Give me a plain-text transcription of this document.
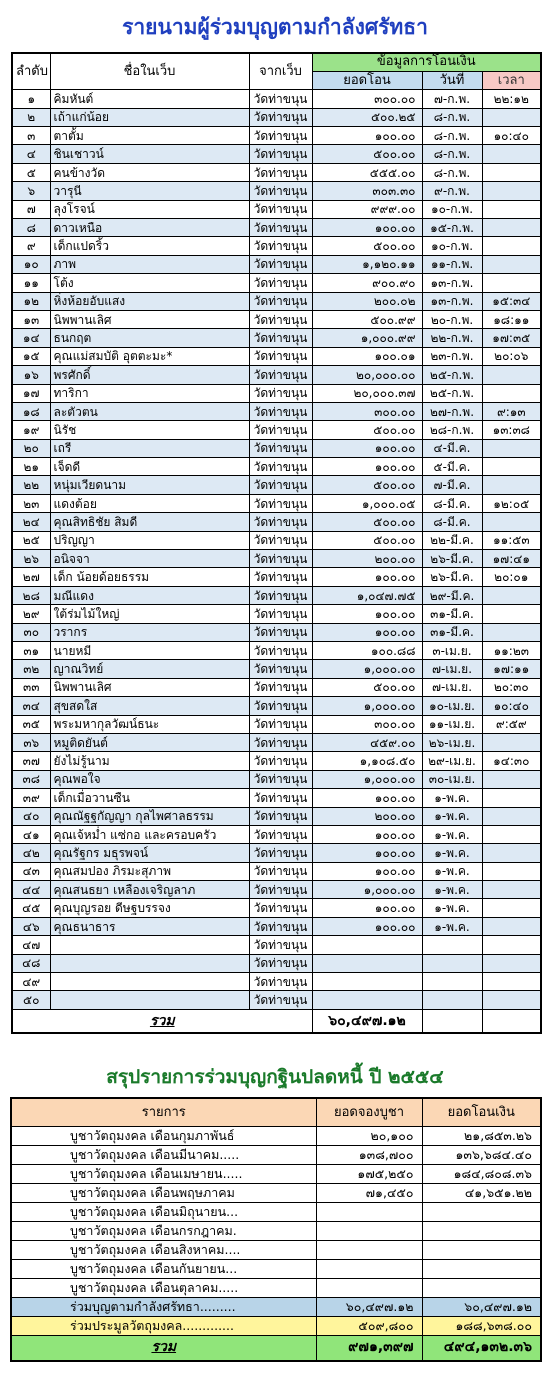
รายนามผู้ร่วมบุญตามกำลังศรัทธา
ลำดับ	ชื่อในเว็บ	จากเว็บ	ข้อมูลการโอนเงิน		
			ยอดโอน	วันที่	เวลา
๑	คิมหันต์	วัดท่าขนุน	๓๐๐.๐๐	๗-ก.พ.	๒๒:๑๒
๒	เถ้าแก่น้อย	วัดท่าขนุน	๕๐๐.๒๕	๘-ก.พ.	
๓	ตาตั้ม	วัดท่าขนุน	๑๐๐.๐๐	๘-ก.พ.	๑๐:๔๐
๔	ชินเชาวน์	วัดท่าขนุน	๕๐๐.๐๐	๘-ก.พ.	
๕	คนข้างวัด	วัดท่าขนุน	๕๕๕.๐๐	๘-ก.พ.	
๖	วารุนี	วัดท่าขนุน	๓๐๓.๓๐	๙-ก.พ.	
๗	ลุงโรจน์	วัดท่าขนุน	๙๙๙.๐๐	๑๐-ก.พ.	
๘	ดาวเหนือ	วัดท่าขนุน	๑๐๐.๐๐	๑๕-ก.พ.	
๙	เด็กแปดริ้ว	วัดท่าขนุน	๕๐๐.๐๐	๑๐-ก.พ.	
๑๐	ภาพ	วัดท่าขนุน	๑,๑๒๐.๑๑	๑๑-ก.พ.	
๑๑	โต้ง	วัดท่าขนุน	๙๐๐.๙๐	๑๓-ก.พ.	
๑๒	หิ่งห้อยอับแสง	วัดท่าขนุน	๒๐๐.๐๒	๑๓-ก.พ.	๑๕:๓๔
๑๓	นิพพานเลิศ	วัดท่าขนุน	๕๐๐.๙๙	๒๐-ก.พ.	๑๘:๑๑
๑๔	ธนกฤต	วัดท่าขนุน	๑,๐๐๐.๙๙	๒๒-ก.พ.	๑๗:๓๕
๑๕	คุณแม่สมบัติ อุตตะมะ*	วัดท่าขนุน	๑๐๐.๐๑	๒๓-ก.พ.	๒๐:๐๖
๑๖	พรศักดิ์	วัดท่าขนุน	๒๐,๐๐๐.๐๐	๒๕-ก.พ.	
๑๗	ทาริกา	วัดท่าขนุน	๒๐,๐๐๐.๓๗	๒๕-ก.พ.	
๑๘	ละตัวตน	วัดท่าขนุน	๓๐๐.๐๐	๒๗-ก.พ.	๙:๑๓
๑๙	นิรัช	วัดท่าขนุน	๕๐๐.๐๐	๒๘-ก.พ.	๑๓:๓๘
๒๐	เถรี	วัดท่าขนุน	๑๐๐.๐๐	๔-มี.ค.	
๒๑	เจ็ดดี	วัดท่าขนุน	๑๐๐.๐๐	๕-มี.ค.	
๒๒	หนุ่มเวียดนาม	วัดท่าขนุน	๕๐๐.๐๐	๗-มี.ค.	
๒๓	แดงต้อย	วัดท่าขนุน	๑,๐๐๐.๐๕	๘-มี.ค.	๑๒:๐๕
๒๔	คุณสิทธิชัย สิมดี	วัดท่าขนุน	๕๐๐.๐๐	๘-มี.ค.	
๒๕	ปริญญา	วัดท่าขนุน	๕๐๐.๐๐	๒๒-มี.ค.	๑๑:๕๓
๒๖	อนิจจา	วัดท่าขนุน	๒๐๐.๐๐	๒๖-มี.ค.	๑๗:๔๑
๒๗	เด็ก น้อยด้อยธรรม	วัดท่าขนุน	๑๐๐.๐๐	๒๖-มี.ค.	๒๐:๐๑
๒๘	มณีแดง	วัดท่าขนุน	๑,๐๔๗.๗๕	๒๙-มี.ค.	
๒๙	ใต้ร่มไม้ใหญ่	วัดท่าขนุน	๑๐๐.๐๐	๓๑-มี.ค.	
๓๐	วรากร	วัดท่าขนุน	๑๐๐.๐๐	๓๑-มี.ค.	
๓๑	นายหมี	วัดท่าขนุน	๑๐๐.๘๘	๓-เม.ย.	๑๑:๒๓
๓๒	ญาณวิทย์	วัดท่าขนุน	๑,๐๐๐.๐๐	๗-เม.ย.	๑๗:๑๑
๓๓	นิพพานเลิศ	วัดท่าขนุน	๕๐๐.๐๐	๗-เม.ย.	๒๐:๓๐
๓๔	สุขสดใส	วัดท่าขนุน	๑,๐๐๐.๐๐	๑๐-เม.ย.	๑๐:๔๐
๓๕	พระมหากุลวัฒน์ธนะ	วัดท่าขนุน	๓๐๐.๐๐	๑๑-เม.ย.	๙:๕๙
๓๖	หมูติดยันต์	วัดท่าขนุน	๔๕๙.๐๐	๒๖-เม.ย.	
๓๗	ยังไม่รู้นาม	วัดท่าขนุน	๑,๑๐๘.๕๐	๒๙-เม.ย.	๑๔:๓๐
๓๘	คุณพอใจ	วัดท่าขนุน	๑,๐๐๐.๐๐	๓๐-เม.ย.	
๓๙	เด็กเมื่อวานซืน	วัดท่าขนุน	๑๐๐.๐๐	๑-พ.ค.	
๔๐	คุณณัฐฐกัญญา กุลไพศาลธรรม	วัดท่าขนุน	๒๐๐.๐๐	๑-พ.ค.	
๔๑	คุณเจ้หม่ำ แซ่กอ และครอบครัว	วัดท่าขนุน	๑๐๐.๐๐	๑-พ.ค.	
๔๒	คุณรัฐกร มธุรพจน์	วัดท่าขนุน	๑๐๐.๐๐	๑-พ.ค.	
๔๓	คุณสมปอง ภิรมะสุภาพ	วัดท่าขนุน	๑๐๐.๐๐	๑-พ.ค.	
๔๔	คุณสนธยา เหลืองเจริญลาภ	วัดท่าขนุน	๑,๐๐๐.๐๐	๑-พ.ค.	
๔๕	คุณบุญรอย ดีษฐบรรจง	วัดท่าขนุน	๑๐๐.๐๐	๑-พ.ค.	
๔๖	คุณธนาธาร	วัดท่าขนุน	๑๐๐.๐๐	๑-พ.ค.	
๔๗		วัดท่าขนุน			
๔๘		วัดท่าขนุน			
๔๙		วัดท่าขนุน			
๕๐		วัดท่าขนุน			
รวม			๖๐,๔๙๗.๑๒		
สรุปรายการร่วมบุญกฐินปลดหนี้ ปี ๒๕๕๔
รายการ	ยอดจองบูชา	ยอดโอนเงิน
บูชาวัตถุมงคล เดือนกุมภาพันธ์	๒๐,๑๐๐	๒๑,๘๕๓.๒๖
บูชาวัตถุมงคล เดือนมีนาคม.....	๑๓๘,๗๐๐	๑๓๖,๖๘๔.๔๐
บูชาวัตถุมงคล เดือนเมษายน.....	๑๗๕,๒๕๐	๑๘๔,๘๐๘.๓๖
บูชาวัตถุมงคล เดือนพฤษภาคม	๗๑,๔๕๐	๔๑,๖๕๑.๒๒
บูชาวัตถุมงคล เดือนมิถุนายน...		
บูชาวัตถุมงคล เดือนกรกฎาคม.		
บูชาวัตถุมงคล เดือนสิงหาคม....		
บูชาวัตถุมงคล เดือนกันยายน...		
บูชาวัตถุมงคล เดือนตุลาคม.....		
ร่วมบุญตามกำลังศรัทธา.........	๖๐,๔๙๗.๑๒	๖๐,๔๙๗.๑๒
ร่วมประมูลวัตถุมงคล.............	๕๐๙,๘๐๐	๑๘๘,๖๓๘.๐๐
รวม	๙๗๑,๓๙๗	๔๙๔,๑๓๒.๓๖
